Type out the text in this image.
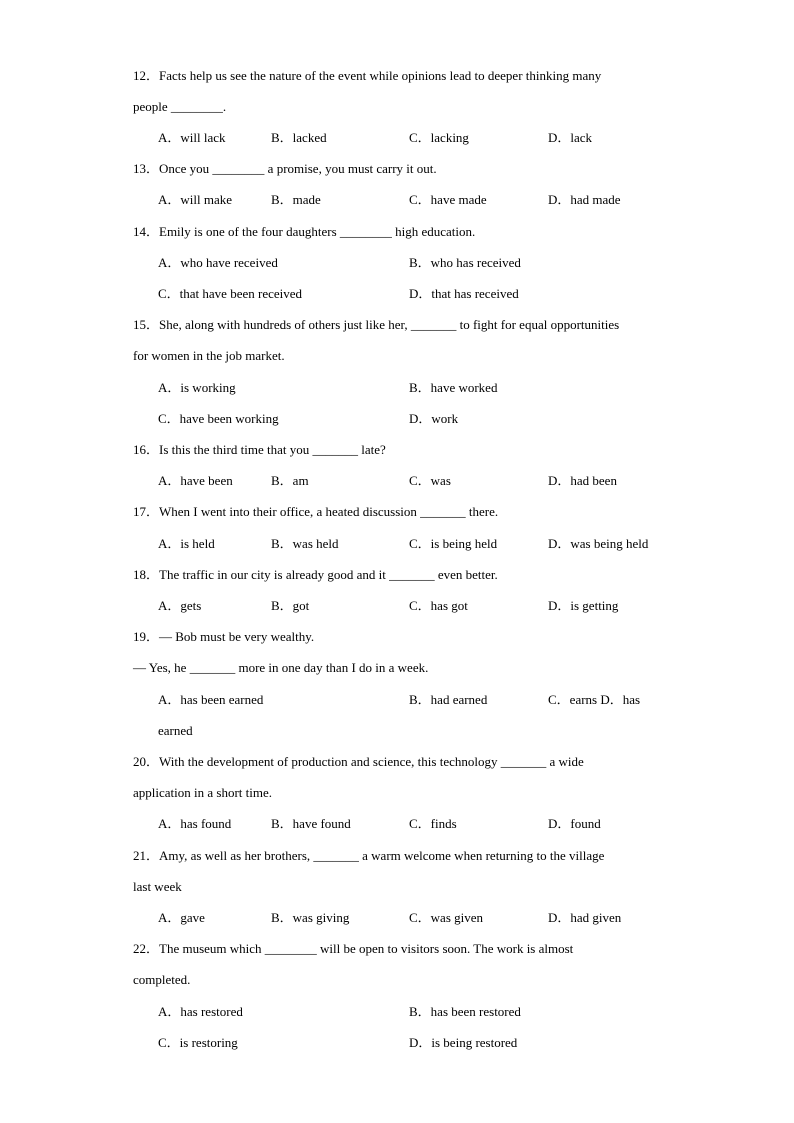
12．Facts help us see the nature of the event while opinions lead to deeper thinking many
people ________.
A．will lack	B．lacked	C．lacking	D．lack
13．Once you ________ a promise, you must carry it out.
A．will make	B．made	C．have made	D．had made
14．Emily is one of the four daughters ________ high education.
A．who have received	B．who has received
C．that have been received	D．that has received
15．She, along with hundreds of others just like her, _______ to fight for equal opportunities
for women in the job market.
A．is working	B．have worked
C．have been working	D．work
16．Is this the third time that you _______ late?
A．have been	B．am	C．was	D．had been
17．When I went into their office, a heated discussion _______ there.
A．is held	B．was held	C．is being held	D．was being held
18．The traffic in our city is already good and it _______ even better.
A．gets	B．got	C．has got	D．is getting
19．— Bob must be very wealthy.
— Yes, he _______ more in one day than I do in a week.
A．has been earned	B．had earned	C．earns D．has
earned
20．With the development of production and science, this technology _______ a wide
application in a short time.
A．has found	B．have found	C．finds	D．found
21．Amy, as well as her brothers, _______ a warm welcome when returning to the village
last week
A．gave	B．was giving	C．was given	D．had given
22．The museum which ________ will be open to visitors soon. The work is almost
completed.
A．has restored	B．has been restored
C．is restoring	D．is being restored
